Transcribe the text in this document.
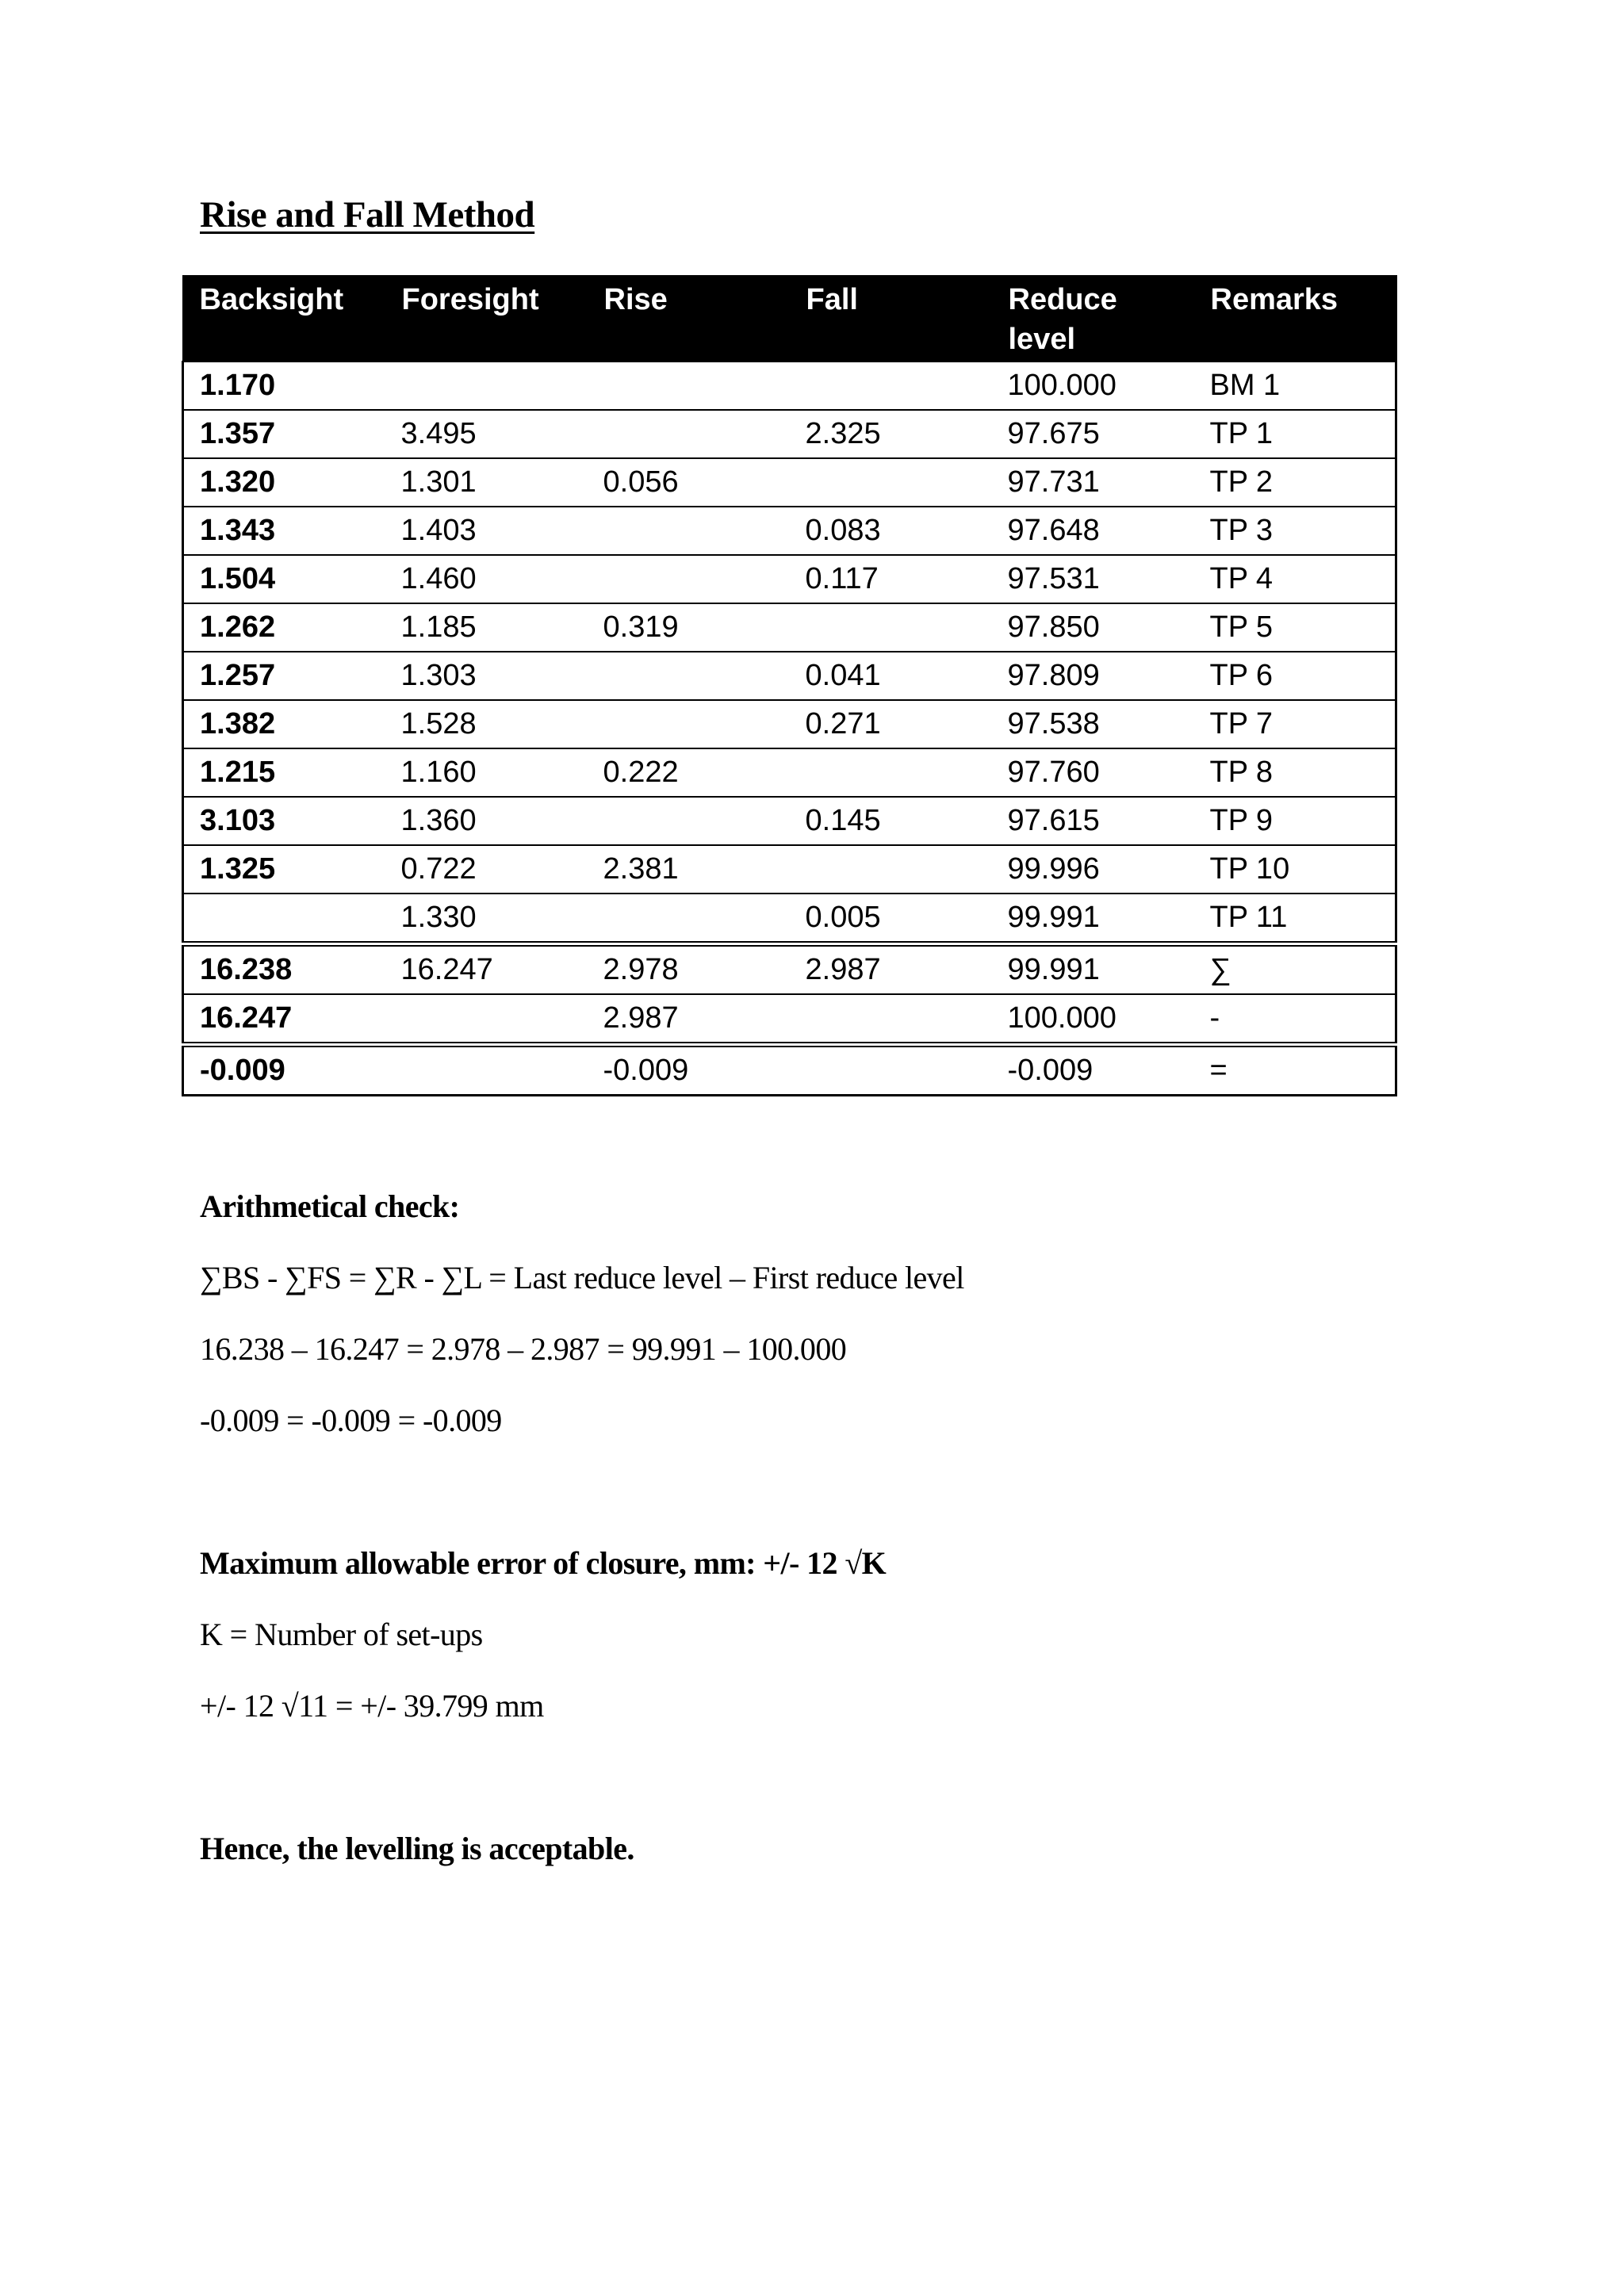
Rise and Fall Method
Backsight	Foresight	Rise	Fall	Reduce level	Remarks
1.170				100.000	BM 1
1.357	3.495		2.325	97.675	TP 1
1.320	1.301	0.056		97.731	TP 2
1.343	1.403		0.083	97.648	TP 3
1.504	1.460		0.117	97.531	TP 4
1.262	1.185	0.319		97.850	TP 5
1.257	1.303		0.041	97.809	TP 6
1.382	1.528		0.271	97.538	TP 7
1.215	1.160	0.222		97.760	TP 8
3.103	1.360		0.145	97.615	TP 9
1.325	0.722	2.381		99.996	TP 10
	1.330		0.005	99.991	TP 11
16.238	16.247	2.978	2.987	99.991	∑
16.247		2.987		100.000	-
-0.009		-0.009		-0.009	=

Arithmetical check:

∑BS - ∑FS = ∑R - ∑L = Last reduce level – First reduce level

16.238 – 16.247 = 2.978 – 2.987 = 99.991 – 100.000

-0.009 = -0.009 = -0.009

Maximum allowable error of closure, mm: +/- 12 √K

K = Number of set-ups

+/- 12 √11 = +/- 39.799 mm

Hence, the levelling is acceptable.
